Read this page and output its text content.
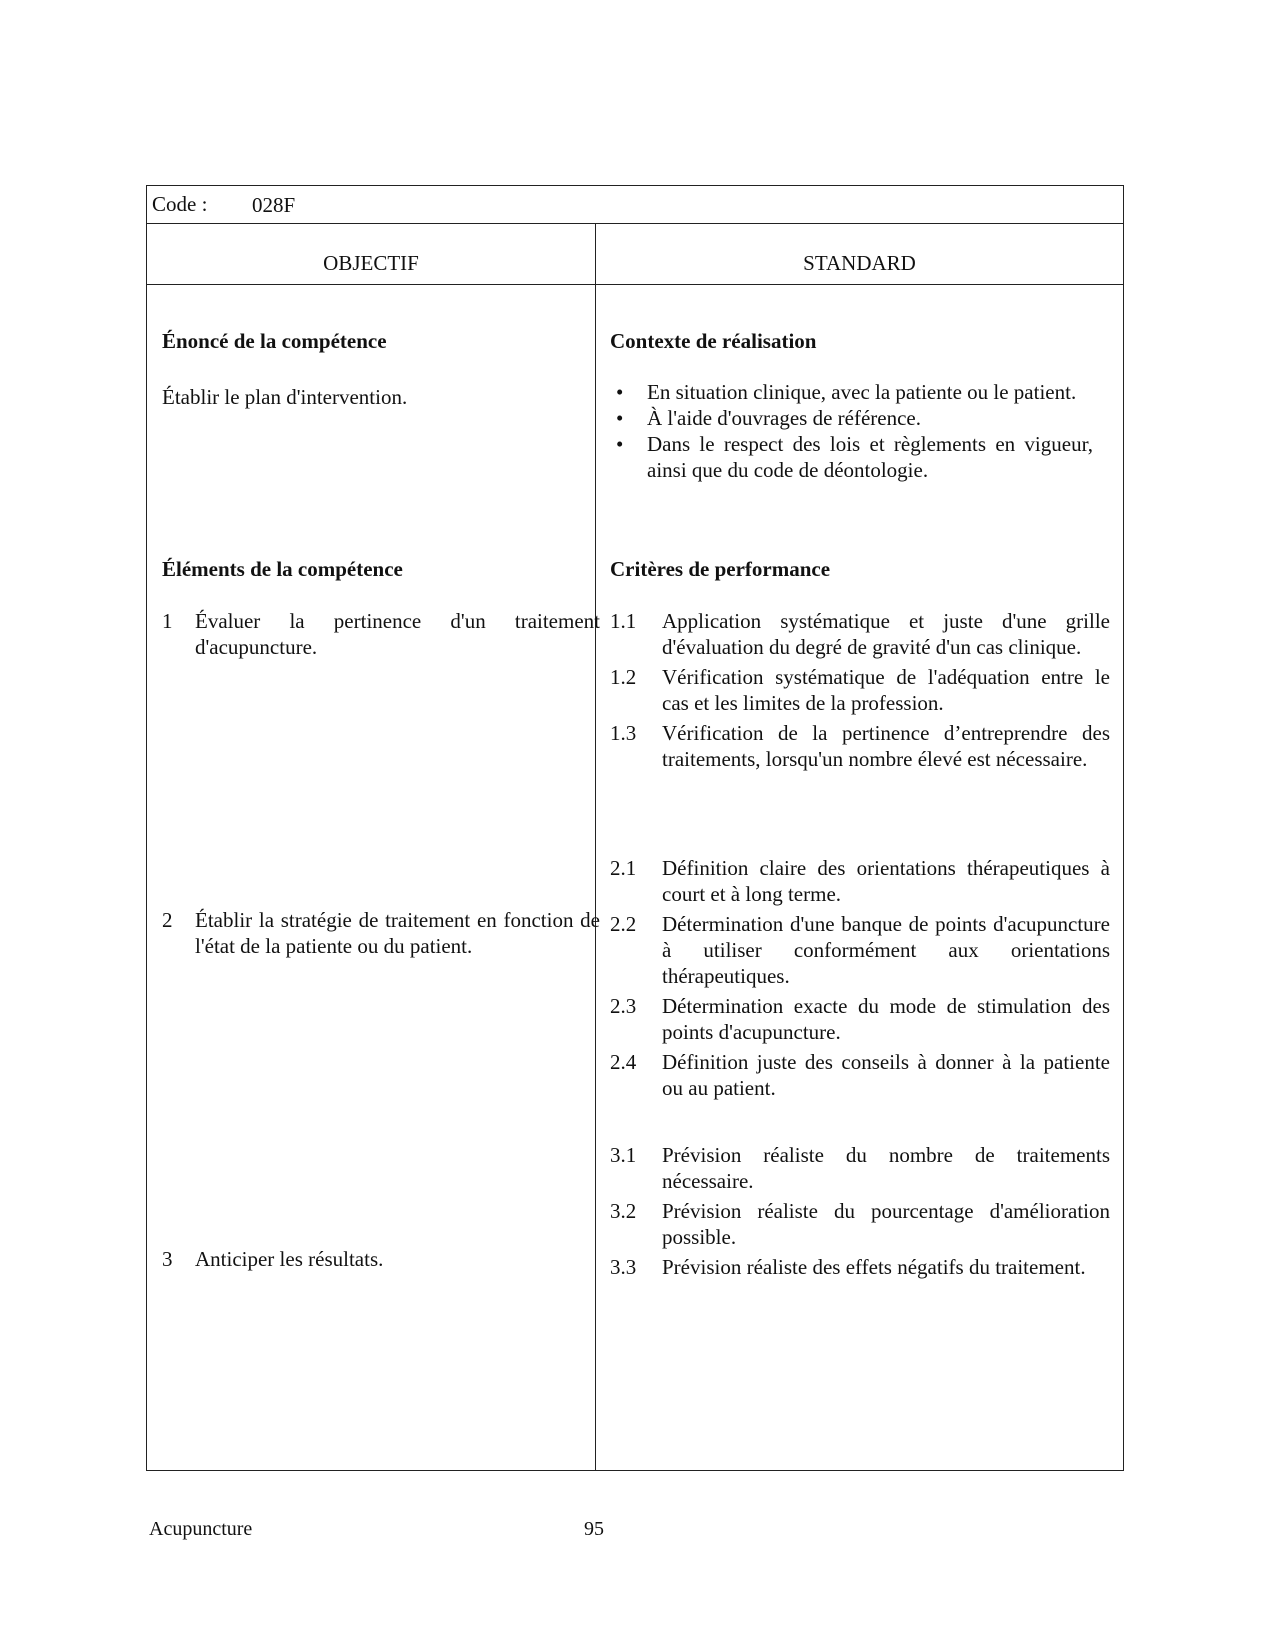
Code : 028F
OBJECTIF	STANDARD
Énoncé de la compétence
Établir le plan d'intervention.
Éléments de la compétence
1 Évaluer la pertinence d'un traitement d'acupuncture.
2 Établir la stratégie de traitement en fonction de l'état de la patiente ou du patient.
3 Anticiper les résultats.
Contexte de réalisation
• En situation clinique, avec la patiente ou le patient.
• À l'aide d'ouvrages de référence.
• Dans le respect des lois et règlements en vigueur, ainsi que du code de déontologie.
Critères de performance
1.1 Application systématique et juste d'une grille d'évaluation du degré de gravité d'un cas clinique.
1.2 Vérification systématique de l'adéquation entre le cas et les limites de la profession.
1.3 Vérification de la pertinence d’entreprendre des traitements, lorsqu'un nombre élevé est nécessaire.
2.1 Définition claire des orientations thérapeutiques à court et à long terme.
2.2 Détermination d'une banque de points d'acupuncture à utiliser conformément aux orientations thérapeutiques.
2.3 Détermination exacte du mode de stimulation des points d'acupuncture.
2.4 Définition juste des conseils à donner à la patiente ou au patient.
3.1 Prévision réaliste du nombre de traitements nécessaire.
3.2 Prévision réaliste du pourcentage d'amélioration possible.
3.3 Prévision réaliste des effets négatifs du traitement.
Acupuncture	95
